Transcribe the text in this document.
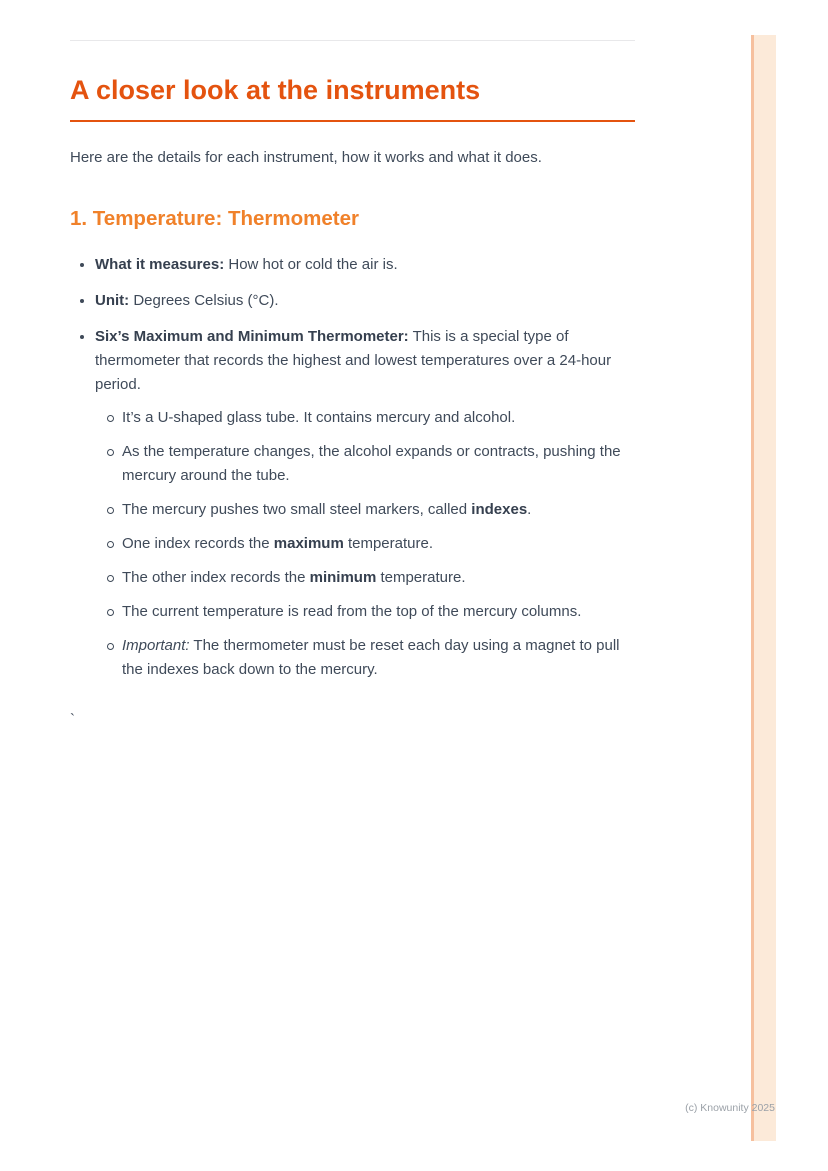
A closer look at the instruments

Here are the details for each instrument, how it works and what it does.

1. Temperature: Thermometer
What it measures: How hot or cold the air is.
Unit: Degrees Celsius (°C).
Six’s Maximum and Minimum Thermometer: This is a special type of thermometer that records the highest and lowest temperatures over a 24-hour period.
It’s a U-shaped glass tube. It contains mercury and alcohol.
As the temperature changes, the alcohol expands or contracts, pushing the mercury around the tube.
The mercury pushes two small steel markers, called indexes.
One index records the maximum temperature.
The other index records the minimum temperature.
The current temperature is read from the top of the mercury columns.
Important: The thermometer must be reset each day using a magnet to pull the indexes back down to the mercury.
`
(c) Knowunity 2025
